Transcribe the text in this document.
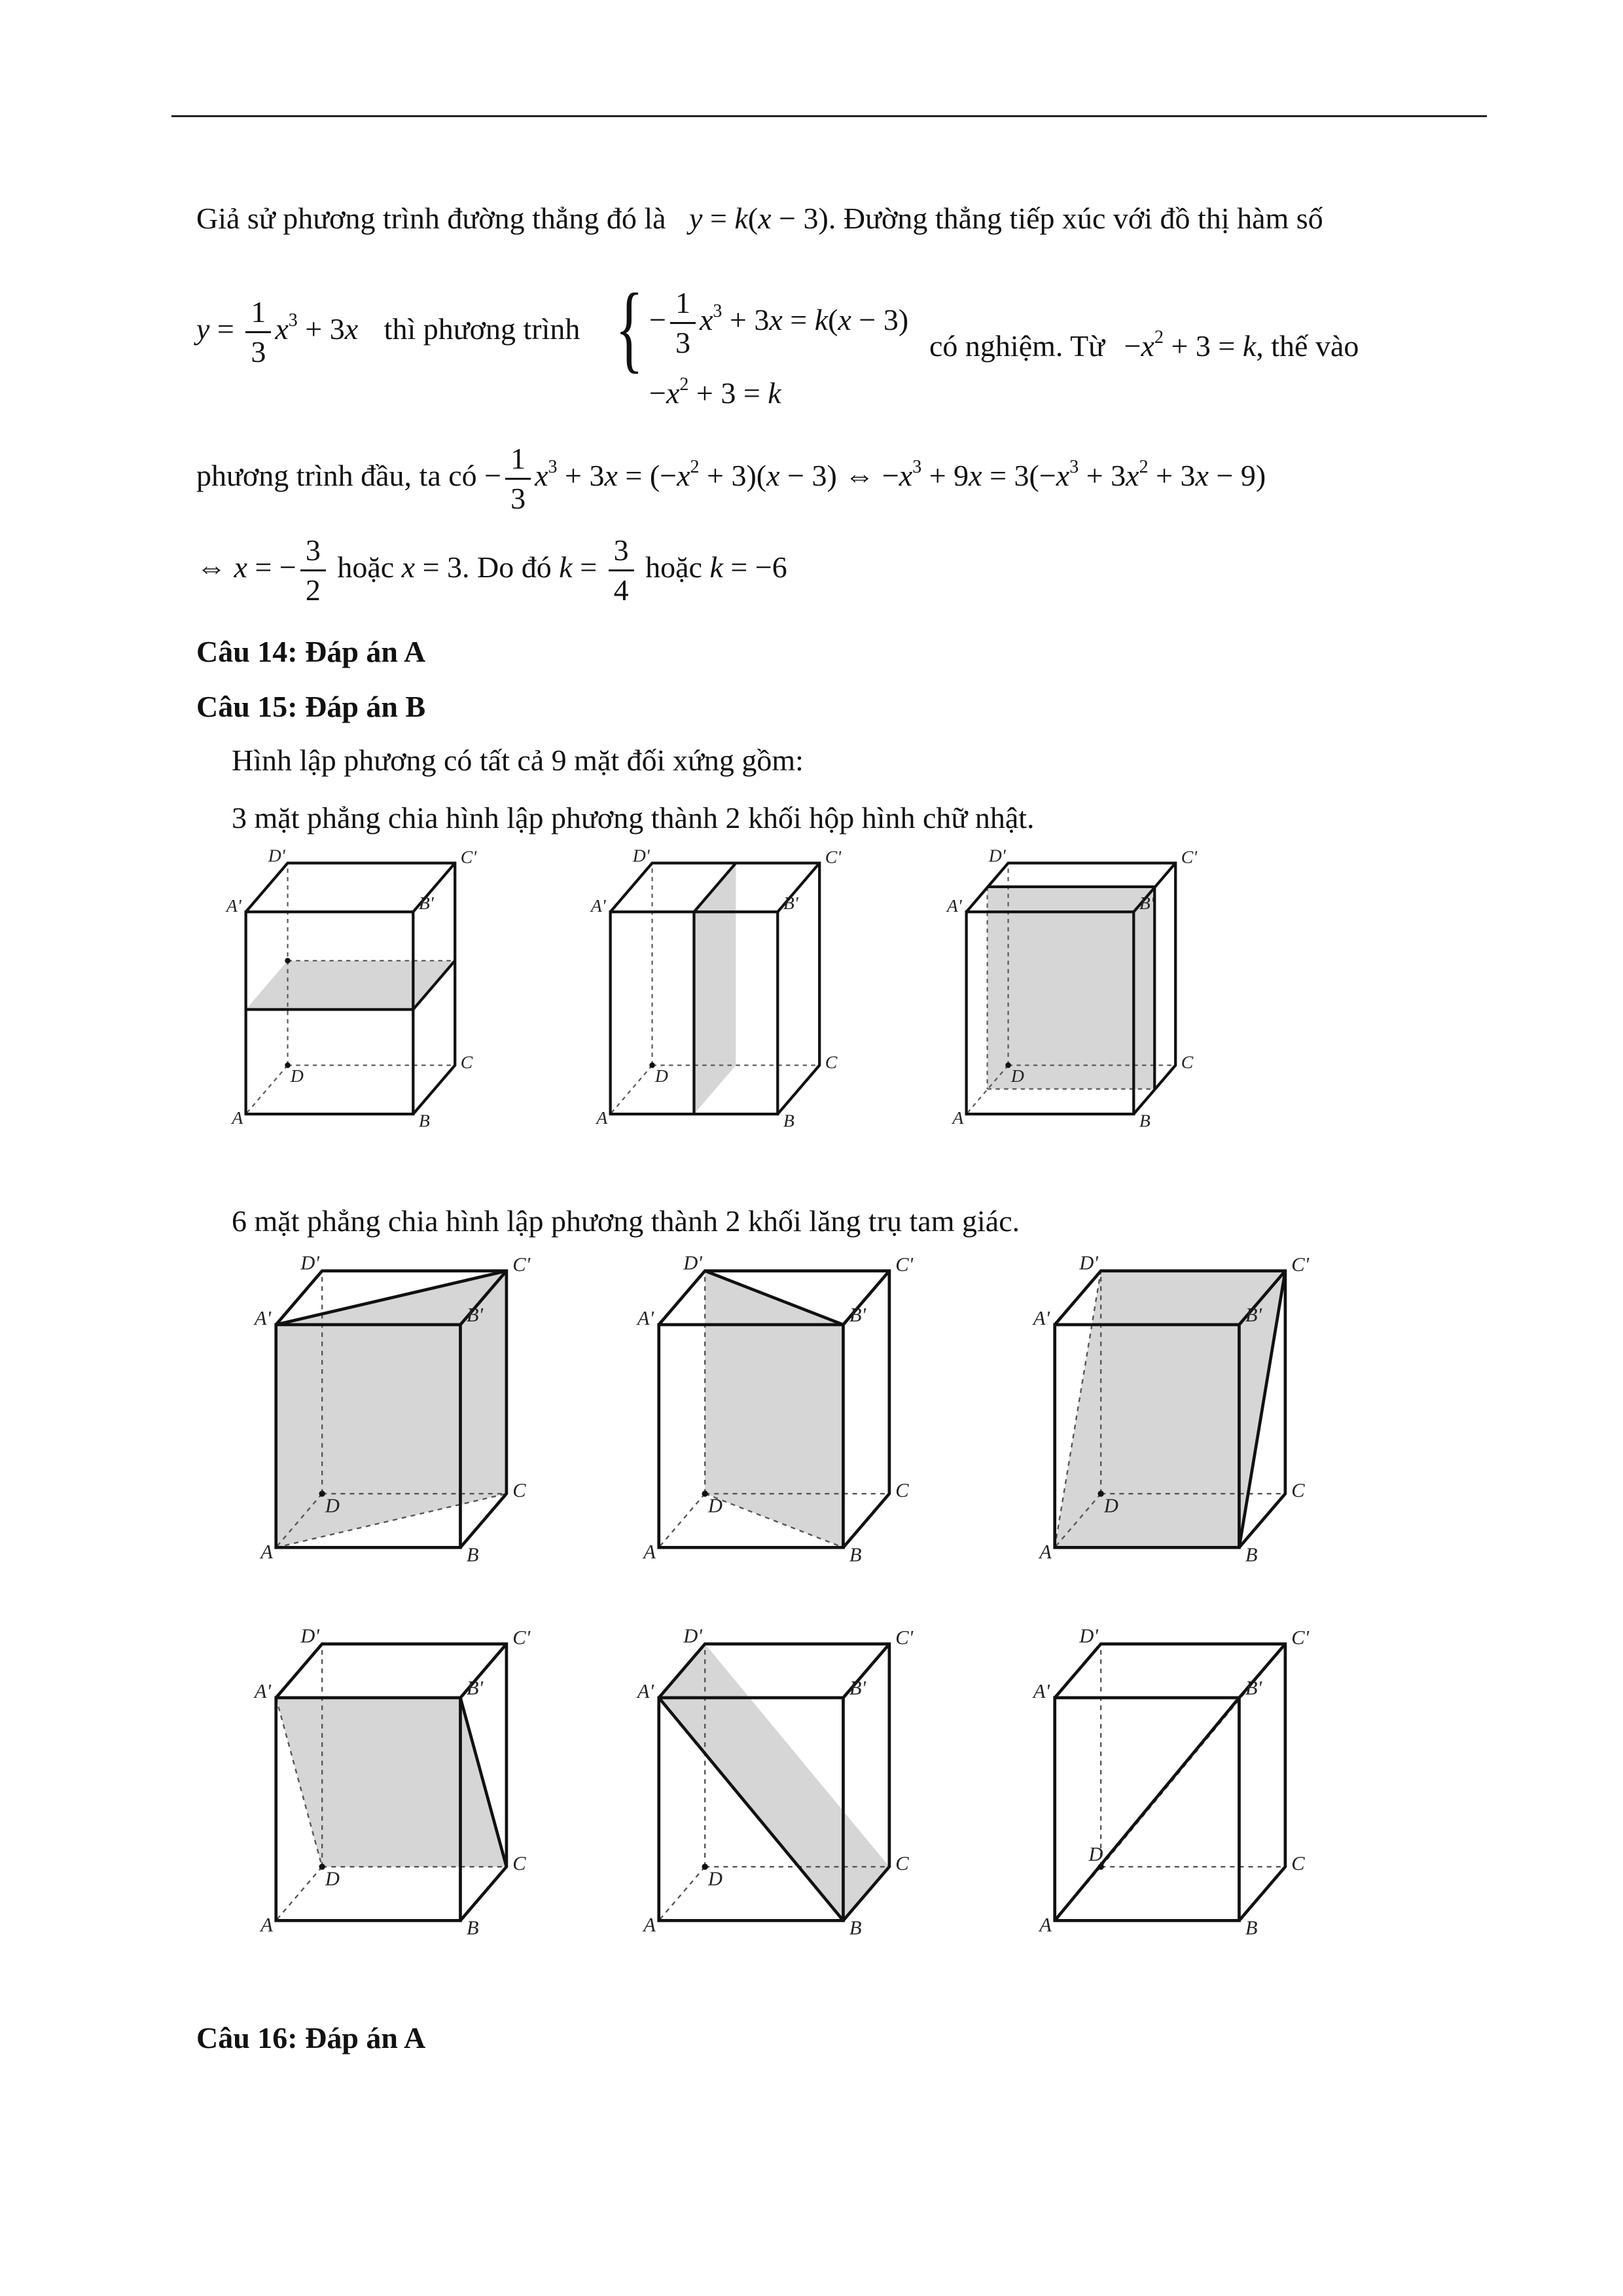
Giả sử phương trình đường thẳng đó là y = k(x − 3). Đường thẳng tiếp xúc với đồ thị hàm số
$y = \frac{1}{3} x^3 + 3x$ thì phương trình { − $\frac{1}{3} x^3 + 3x = k(x - 3)$
$-x^2 + 3 = k$
có nghiệm. Từ $-x^2 + 3 = k$, thế vào
phương trình đầu, ta có − $\frac{1}{3} x^3 + 3x = (-x^2 + 3)(x - 3)$ ⇔ $-x^3 + 9x = 3(-x^3 + 3x^2 + 3x - 9)$
⇔ x = − $\frac{3}{2}$ hoặc x = 3. Do đó $k = \frac{3}{4}$ hoặc k = −6
Câu 14: Đáp án A
Câu 15: Đáp án B
Hình lập phương có tất cả 9 mặt đối xứng gồm:
3 mặt phẳng chia hình lập phương thành 2 khối hộp hình chữ nhật.
A	B
C
D
A'	B'
C'
D'
A	B
C
D
A'	B'
C'
D'
A	B
C
D
A'	B'
C'
D'
6 mặt phẳng chia hình lập phương thành 2 khối lăng trụ tam giác.
A	B
C
D
A'	B'
C'
D'
A	B
C
D
A'	B'
C'
D'
A	B
C
D
A'	B'
C'
D'
A	B
C
D
A'	B'
C'
D'
A	B
C
D
A'	B'
C'
D'
A	B
C
D
A'	B'
C'
D'
Câu 16: Đáp án A
